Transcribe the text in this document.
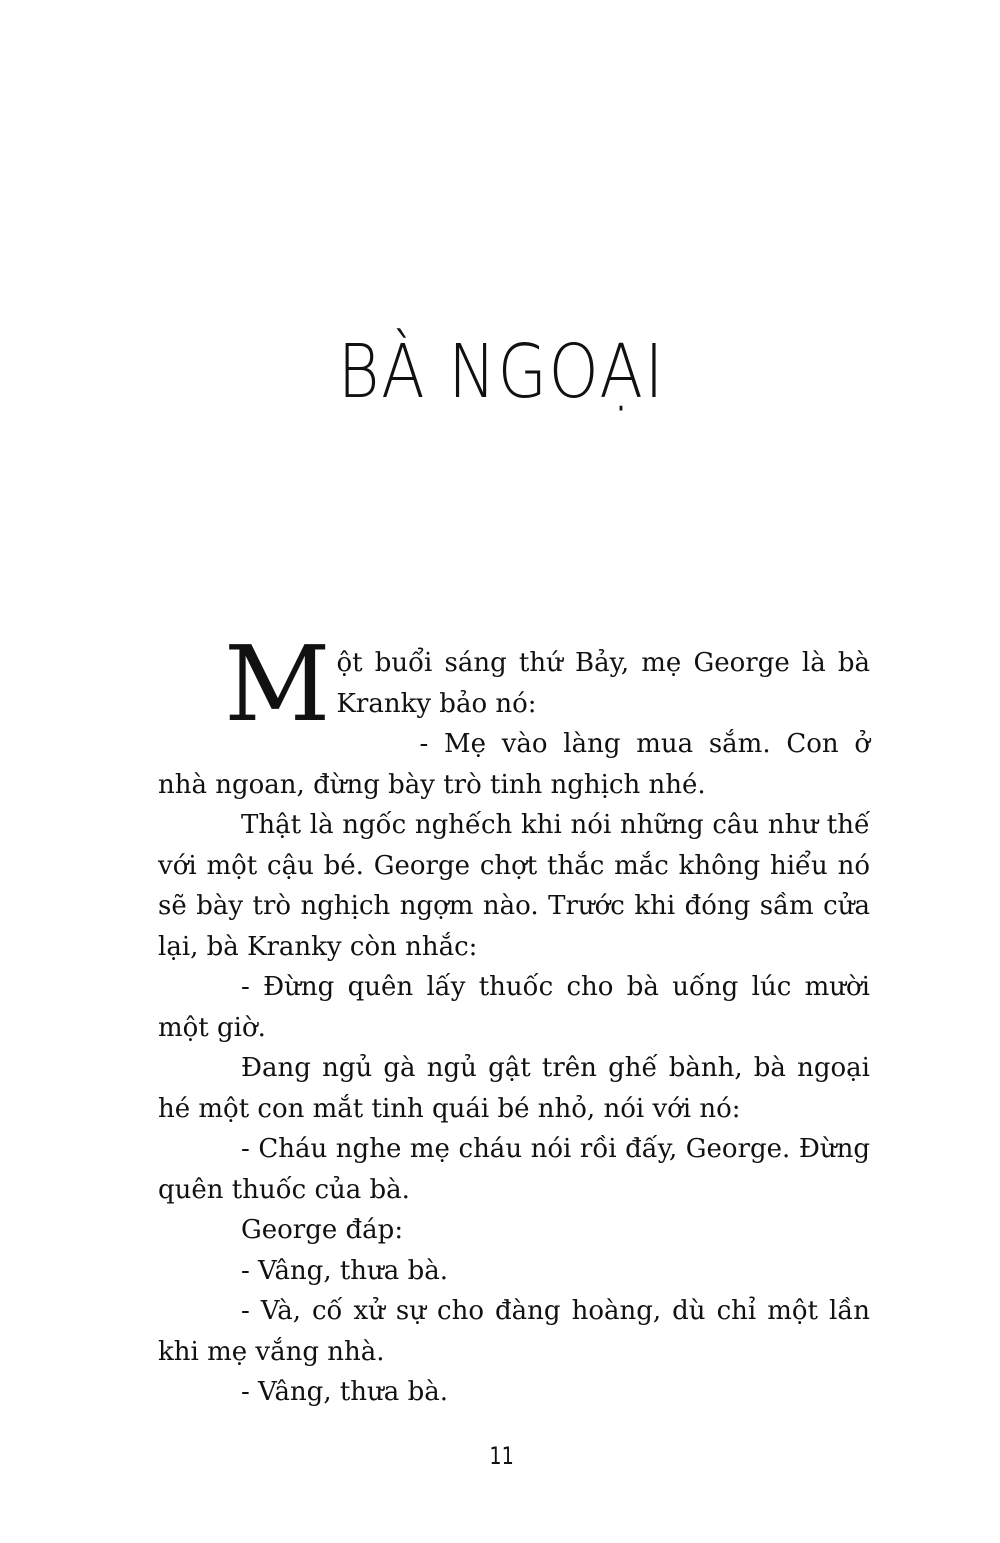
BÀ NGOẠI

Một buổi sáng thứ Bảy, mẹ George là bà Kranky bảo nó:

- Mẹ vào làng mua sắm. Con ở nhà ngoan, đừng bày trò tinh nghịch nhé.

Thật là ngốc nghếch khi nói những câu như thế với một cậu bé. George chợt thắc mắc không hiểu nó sẽ bày trò nghịch ngợm nào. Trước khi đóng sầm cửa lại, bà Kranky còn nhắc:

- Đừng quên lấy thuốc cho bà uống lúc mười một giờ.

Đang ngủ gà ngủ gật trên ghế bành, bà ngoại hé một con mắt tinh quái bé nhỏ, nói với nó:

- Cháu nghe mẹ cháu nói rồi đấy, George. Đừng quên thuốc của bà.

George đáp:

- Vâng, thưa bà.

- Và, cố xử sự cho đàng hoàng, dù chỉ một lần khi mẹ vắng nhà.

- Vâng, thưa bà.

11
